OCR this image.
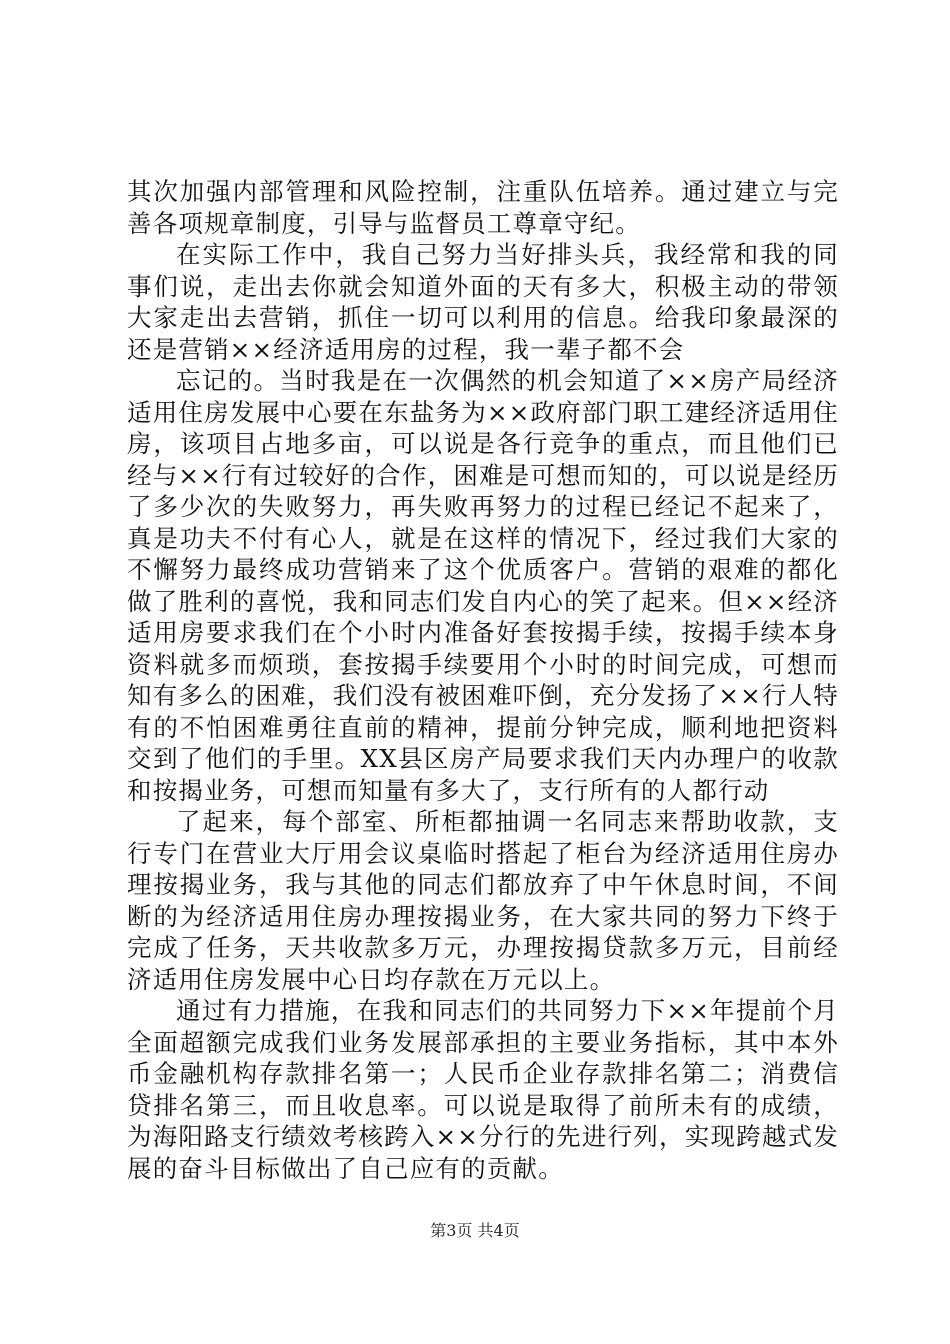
其次加强内部管理和风险控制，注重队伍培养。通过建立与完善各项规章制度，引导与监督员工尊章守纪。

在实际工作中，我自己努力当好排头兵，我经常和我的同事们说，走出去你就会知道外面的天有多大，积极主动的带领大家走出去营销，抓住一切可以利用的信息。给我印象最深的还是营销××经济适用房的过程，我一辈子都不会

忘记的。当时我是在一次偶然的机会知道了××房产局经济适用住房发展中心要在东盐务为××政府部门职工建经济适用住房，该项目占地多亩，可以说是各行竞争的重点，而且他们已经与××行有过较好的合作，困难是可想而知的，可以说是经历了多少次的失败努力，再失败再努力的过程已经记不起来了，真是功夫不付有心人，就是在这样的情况下，经过我们大家的不懈努力最终成功营销来了这个优质客户。营销的艰难的都化做了胜利的喜悦，我和同志们发自内心的笑了起来。但××经济适用房要求我们在个小时内准备好套按揭手续，按揭手续本身资料就多而烦琐，套按揭手续要用个小时的时间完成，可想而知有多么的困难，我们没有被困难吓倒，充分发扬了××行人特有的不怕困难勇往直前的精神，提前分钟完成，顺利地把资料交到了他们的手里。XX县区房产局要求我们天内办理户的收款和按揭业务，可想而知量有多大了，支行所有的人都行动

了起来，每个部室、所柜都抽调一名同志来帮助收款，支行专门在营业大厅用会议桌临时搭起了柜台为经济适用住房办理按揭业务，我与其他的同志们都放弃了中午休息时间，不间断的为经济适用住房办理按揭业务，在大家共同的努力下终于完成了任务，天共收款多万元，办理按揭贷款多万元，目前经济适用住房发展中心日均存款在万元以上。

通过有力措施，在我和同志们的共同努力下××年提前个月全面超额完成我们业务发展部承担的主要业务指标，其中本外币金融机构存款排名第一；人民币企业存款排名第二；消费信贷排名第三，而且收息率。可以说是取得了前所未有的成绩，为海阳路支行绩效考核跨入××分行的先进行列，实现跨越式发展的奋斗目标做出了自己应有的贡献。

第3页 共4页
